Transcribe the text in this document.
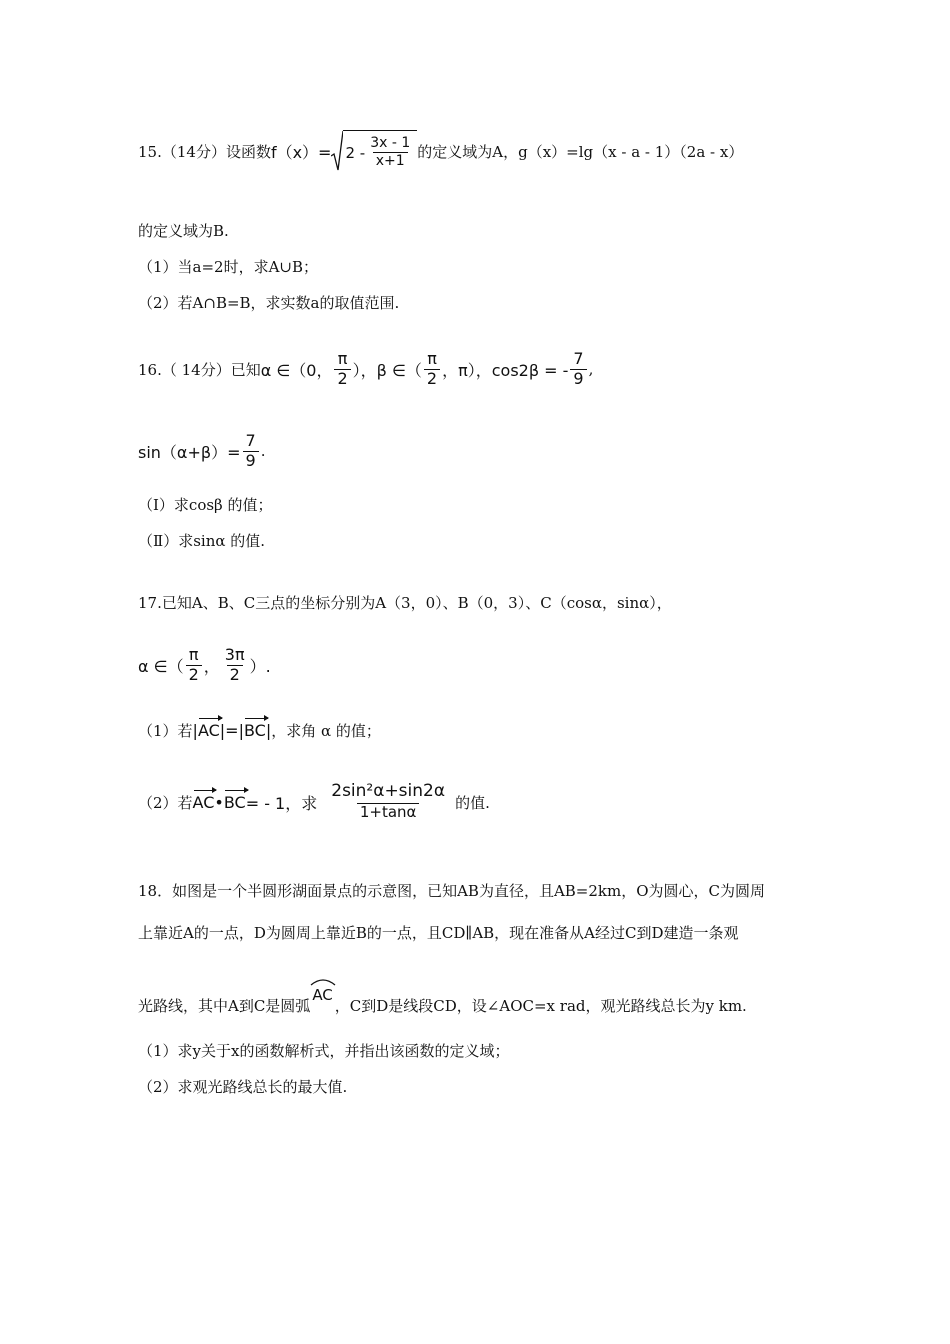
15.（14分）设函数 $f(x)= 2 - \frac{3x - 1}{x+1}$ 的定义域为A，g（x）=lg（x - a - 1）（2a - x）
的定义域为B.
（1）当a=2时，求A∪B；
（2）若A∩B=B，求实数a的取值范围.
16.（ 14分）已知 α ∈（0， $\frac{\pi}{2}$ ），β ∈（ $\frac{\pi}{2}$ ，π），cos2β = - $\frac{7}{9}$ ,
$\sin(\alpha+\beta)= \frac{7}{9}$ .
（Ⅰ）求cosβ 的值；
（Ⅱ）求sinα 的值.
17.已知A、B、C三点的坐标分别为A（3，0）、B（0，3）、C（cosα，sinα），
α ∈（ $\frac{\pi}{2}$ ， $\frac{3\pi}{2}$ ）.
（1）若 |AC| = |BC| ，求角 α 的值；
（2）若 AC•BC = - 1，求 $\frac{\text{2sin²α+sin2α}}{1+\tan\alpha}$ 的值.
18．如图是一个半圆形湖面景点的示意图，已知AB为直径，且AB=2km，O为圆心，C为圆周
上靠近A的一点，D为圆周上靠近B的一点，且CD∥AB，现在准备从A经过C到D建造一条观
光路线，其中A到C是圆弧
AC
，C到D是线段CD，设∠AOC=x rad，观光路线总长为y km.
（1）求y关于x的函数解析式，并指出该函数的定义域；
（2）求观光路线总长的最大值.
